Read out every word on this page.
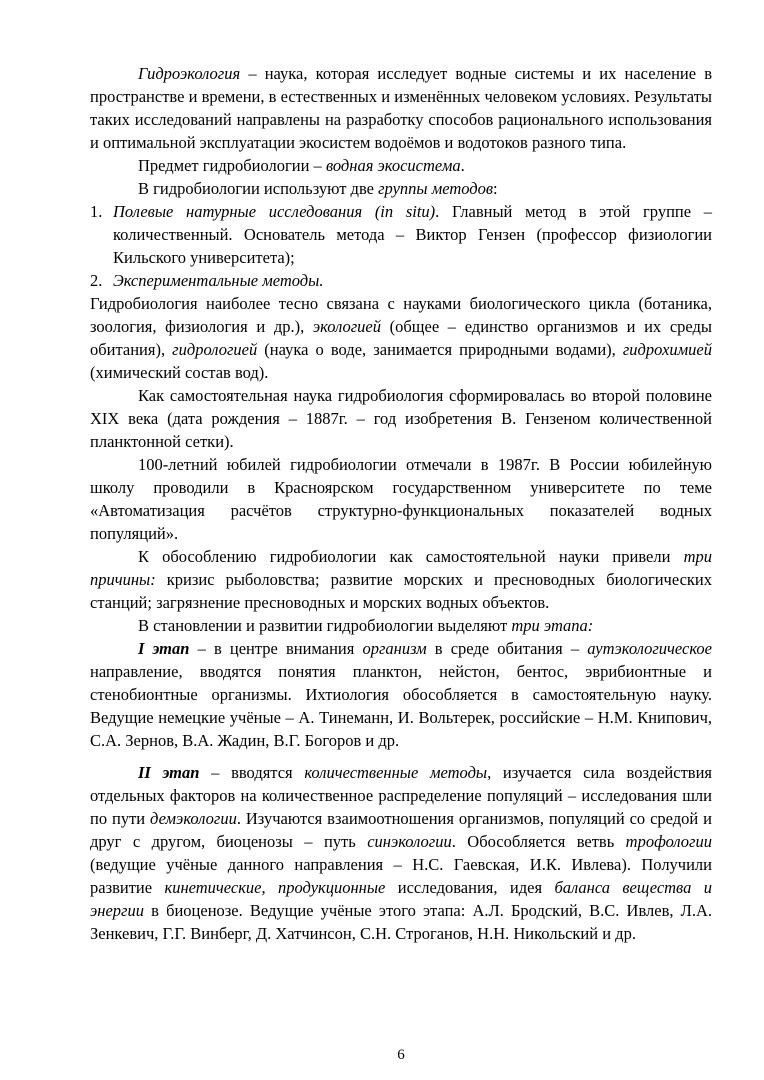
Гидроэкология – наука, которая исследует водные системы и их население в пространстве и времени, в естественных и изменённых человеком условиях. Результаты таких исследований направлены на разработку способов рационального использования и оптимальной эксплуатации экосистем водоёмов и водотоков разного типа.

Предмет гидробиологии – водная экосистема.

В гидробиологии используют две группы методов:

1. Полевые натурные исследования (in situ). Главный метод в этой группе – количественный. Основатель метода – Виктор Гензен (профессор физиологии Кильского университета);
2. Экспериментальные методы.

Гидробиология наиболее тесно связана с науками биологического цикла (ботаника, зоология, физиология и др.), экологией (общее – единство организмов и их среды обитания), гидрологией (наука о воде, занимается природными водами), гидрохимией (химический состав вод).

Как самостоятельная наука гидробиология сформировалась во второй половине XIX века (дата рождения – 1887г. – год изобретения В. Гензеном количественной планктонной сетки).

100-летний юбилей гидробиологии отмечали в 1987г. В России юбилейную школу проводили в Красноярском государственном университете по теме «Автоматизация расчётов структурно-функциональных показателей водных популяций».

К обособлению гидробиологии как самостоятельной науки привели три причины: кризис рыболовства; развитие морских и пресноводных биологических станций; загрязнение пресноводных и морских водных объектов.

В становлении и развитии гидробиологии выделяют три этапа:

I этап – в центре внимания организм в среде обитания – аутэкологическое направление, вводятся понятия планктон, нейстон, бентос, эврибионтные и стенобионтные организмы. Ихтиология обособляется в самостоятельную науку. Ведущие немецкие учёные – А. Тинеманн, И. Вольтерек, российские – Н.М. Книпович, С.А. Зернов, В.А. Жадин, В.Г. Богоров и др.

II этап – вводятся количественные методы, изучается сила воздействия отдельных факторов на количественное распределение популяций – исследования шли по пути демэкологии. Изучаются взаимоотношения организмов, популяций со средой и друг с другом, биоценозы – путь синэкологии. Обособляется ветвь трофологии (ведущие учёные данного направления – Н.С. Гаевская, И.К. Ивлева). Получили развитие кинетические, продукционные исследования, идея баланса вещества и энергии в биоценозе. Ведущие учёные этого этапа: А.Л. Бродский, В.С. Ивлев, Л.А. Зенкевич, Г.Г. Винберг, Д. Хатчинсон, С.Н. Строганов, Н.Н. Никольский и др.

6
